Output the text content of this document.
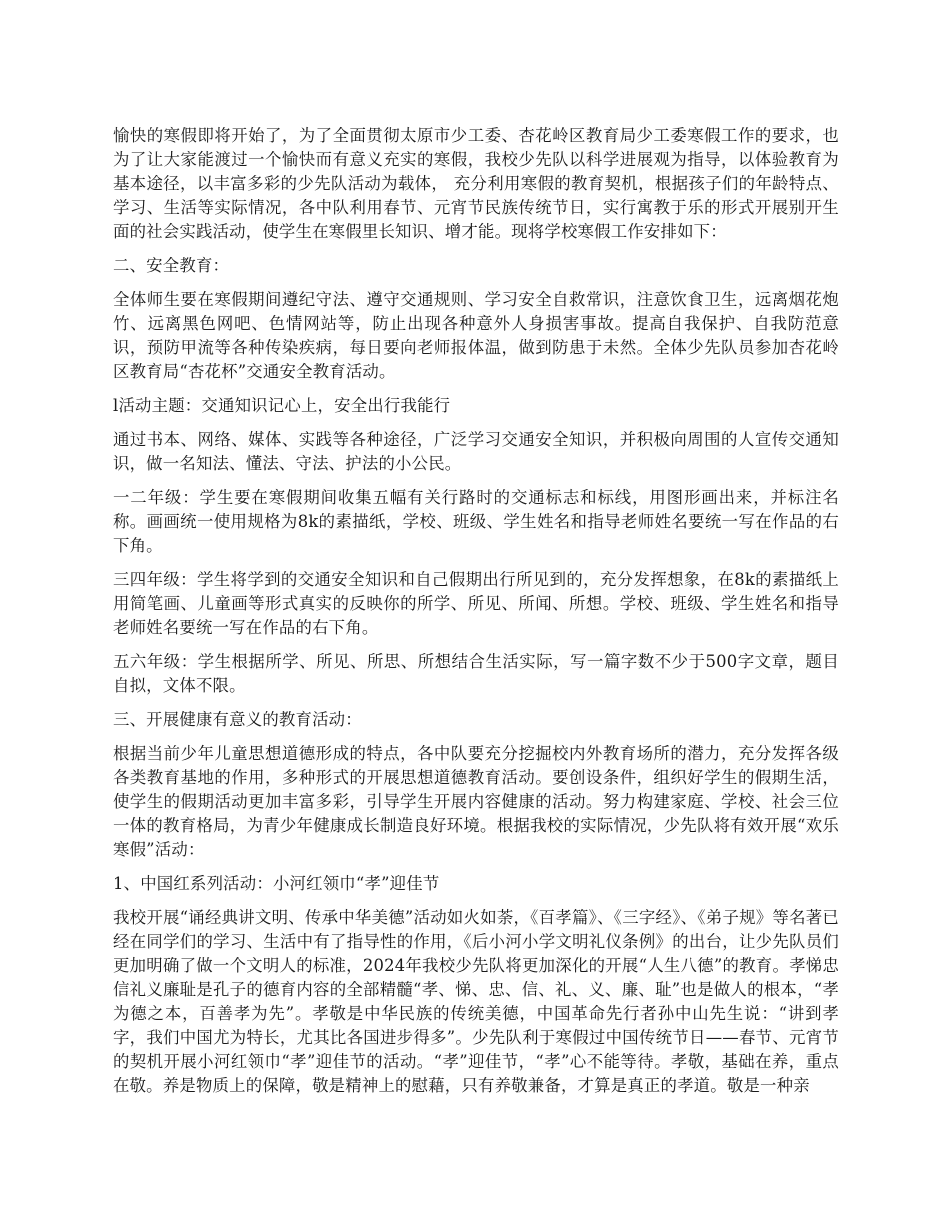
愉快的寒假即将开始了，为了全面贯彻太原市少工委、杏花岭区教育局少工委寒假工作的要求，也为了让大家能渡过一个愉快而有意义充实的寒假，我校少先队以科学进展观为指导，以体验教育为基本途径，以丰富多彩的少先队活动为载体， 充分利用寒假的教育契机，根据孩子们的年龄特点、学习、生活等实际情况，各中队利用春节、元宵节民族传统节日，实行寓教于乐的形式开展别开生面的社会实践活动，使学生在寒假里长知识、增才能。现将学校寒假工作安排如下：

二、安全教育：

全体师生要在寒假期间遵纪守法、遵守交通规则、学习安全自救常识，注意饮食卫生，远离烟花炮竹、远离黑色网吧、色情网站等，防止出现各种意外人身损害事故。提高自我保护、自我防范意识，预防甲流等各种传染疾病，每日要向老师报体温，做到防患于未然。全体少先队员参加杏花岭区教育局“杏花杯”交通安全教育活动。

l活动主题：交通知识记心上，安全出行我能行

通过书本、网络、媒体、实践等各种途径，广泛学习交通安全知识，并积极向周围的人宣传交通知识，做一名知法、懂法、守法、护法的小公民。

一二年级：学生要在寒假期间收集五幅有关行路时的交通标志和标线，用图形画出来，并标注名称。画画统一使用规格为8k的素描纸，学校、班级、学生姓名和指导老师姓名要统一写在作品的右下角。

三四年级：学生将学到的交通安全知识和自己假期出行所见到的，充分发挥想象，在8k的素描纸上用简笔画、儿童画等形式真实的反映你的所学、所见、所闻、所想。学校、班级、学生姓名和指导老师姓名要统一写在作品的右下角。

五六年级：学生根据所学、所见、所思、所想结合生活实际，写一篇字数不少于500字文章，题目自拟，文体不限。

三、开展健康有意义的教育活动：

根据当前少年儿童思想道德形成的特点，各中队要充分挖掘校内外教育场所的潜力，充分发挥各级各类教育基地的作用，多种形式的开展思想道德教育活动。要创设条件，组织好学生的假期生活，使学生的假期活动更加丰富多彩，引导学生开展内容健康的活动。努力构建家庭、学校、社会三位一体的教育格局，为青少年健康成长制造良好环境。根据我校的实际情况，少先队将有效开展“欢乐寒假”活动：

1、中国红系列活动：小河红领巾“孝”迎佳节

我校开展“诵经典讲文明、传承中华美德”活动如火如荼，《百孝篇》、《三字经》、《弟子规》等名著已经在同学们的学习、生活中有了指导性的作用，《后小河小学文明礼仪条例》的出台，让少先队员们更加明确了做一个文明人的标准，2024年我校少先队将更加深化的开展“人生八德”的教育。孝悌忠信礼义廉耻是孔子的德育内容的全部精髓“孝、悌、忠、信、礼、义、廉、耻”也是做人的根本，“孝为德之本，百善孝为先”。孝敬是中华民族的传统美德，中国革命先行者孙中山先生说：“讲到孝字，我们中国尤为特长，尤其比各国进步得多”。少先队利于寒假过中国传统节日——春节、元宵节的契机开展小河红领巾“孝”迎佳节的活动。“孝”迎佳节，“孝”心不能等待。孝敬，基础在养，重点在敬。养是物质上的保障，敬是精神上的慰藉，只有养敬兼备，才算是真正的孝道。敬是一种亲
